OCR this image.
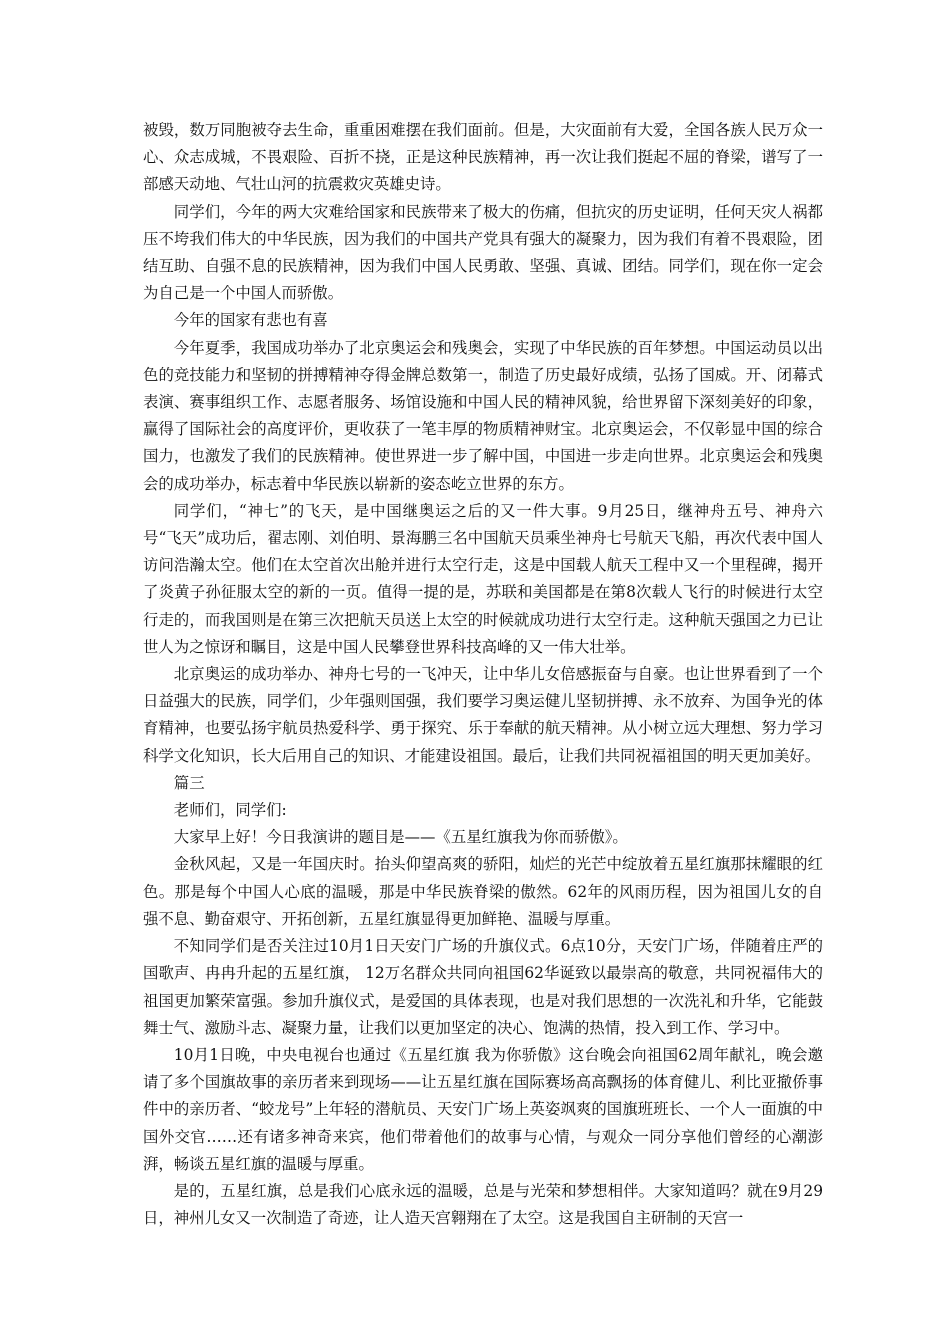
被毁，数万同胞被夺去生命，重重困难摆在我们面前。但是，大灾面前有大爱，全国各族人民万众一心、众志成城，不畏艰险、百折不挠，正是这种民族精神，再一次让我们挺起不屈的脊梁，谱写了一部感天动地、气壮山河的抗震救灾英雄史诗。

同学们，今年的两大灾难给国家和民族带来了极大的伤痛，但抗灾的历史证明，任何天灾人祸都压不垮我们伟大的中华民族，因为我们的中国共产党具有强大的凝聚力，因为我们有着不畏艰险，团结互助、自强不息的民族精神，因为我们中国人民勇敢、坚强、真诚、团结。同学们，现在你一定会为自己是一个中国人而骄傲。

今年的国家有悲也有喜

今年夏季，我国成功举办了北京奥运会和残奥会，实现了中华民族的百年梦想。中国运动员以出色的竞技能力和坚韧的拼搏精神夺得金牌总数第一，制造了历史最好成绩，弘扬了国威。开、闭幕式表演、赛事组织工作、志愿者服务、场馆设施和中国人民的精神风貌，给世界留下深刻美好的印象，赢得了国际社会的高度评价，更收获了一笔丰厚的物质精神财宝。北京奥运会，不仅彰显中国的综合国力，也激发了我们的民族精神。使世界进一步了解中国，中国进一步走向世界。北京奥运会和残奥会的成功举办，标志着中华民族以崭新的姿态屹立世界的东方。

同学们，“神七”的飞天，是中国继奥运之后的又一件大事。9月25日，继神舟五号、神舟六号“飞天”成功后，翟志刚、刘伯明、景海鹏三名中国航天员乘坐神舟七号航天飞船，再次代表中国人访问浩瀚太空。他们在太空首次出舱并进行太空行走，这是中国载人航天工程中又一个里程碑，揭开了炎黄子孙征服太空的新的一页。值得一提的是，苏联和美国都是在第8次载人飞行的时候进行太空行走的，而我国则是在第三次把航天员送上太空的时候就成功进行太空行走。这种航天强国之力已让世人为之惊讶和瞩目，这是中国人民攀登世界科技高峰的又一伟大壮举。

北京奥运的成功举办、神舟七号的一飞冲天，让中华儿女倍感振奋与自豪。也让世界看到了一个日益强大的民族，同学们，少年强则国强，我们要学习奥运健儿坚韧拼搏、永不放弃、为国争光的体育精神，也要弘扬宇航员热爱科学、勇于探究、乐于奉献的航天精神。从小树立远大理想、努力学习科学文化知识，长大后用自己的知识、才能建设祖国。最后，让我们共同祝福祖国的明天更加美好。

篇三

老师们，同学们:

大家早上好！今日我演讲的题目是——《五星红旗我为你而骄傲》。

金秋风起，又是一年国庆时。抬头仰望高爽的骄阳，灿烂的光芒中绽放着五星红旗那抹耀眼的红色。那是每个中国人心底的温暖，那是中华民族脊梁的傲然。62年的风雨历程，因为祖国儿女的自强不息、勤奋艰守、开拓创新，五星红旗显得更加鲜艳、温暖与厚重。

不知同学们是否关注过10月1日天安门广场的升旗仪式。6点10分，天安门广场，伴随着庄严的国歌声、冉冉升起的五星红旗， 12万名群众共同向祖国62华诞致以最崇高的敬意，共同祝福伟大的祖国更加繁荣富强。参加升旗仪式，是爱国的具体表现，也是对我们思想的一次洗礼和升华，它能鼓舞士气、激励斗志、凝聚力量，让我们以更加坚定的决心、饱满的热情，投入到工作、学习中。

10月1日晚，中央电视台也通过《五星红旗 我为你骄傲》这台晚会向祖国62周年献礼，晚会邀请了多个国旗故事的亲历者来到现场——让五星红旗在国际赛场高高飘扬的体育健儿、利比亚撤侨事件中的亲历者、“蛟龙号”上年轻的潜航员、天安门广场上英姿飒爽的国旗班班长、一个人一面旗的中国外交官……还有诸多神奇来宾，他们带着他们的故事与心情，与观众一同分享他们曾经的心潮澎湃，畅谈五星红旗的温暖与厚重。

是的，五星红旗，总是我们心底永远的温暖，总是与光荣和梦想相伴。大家知道吗？就在9月29日，神州儿女又一次制造了奇迹，让人造天宫翱翔在了太空。这是我国自主研制的天宫一
